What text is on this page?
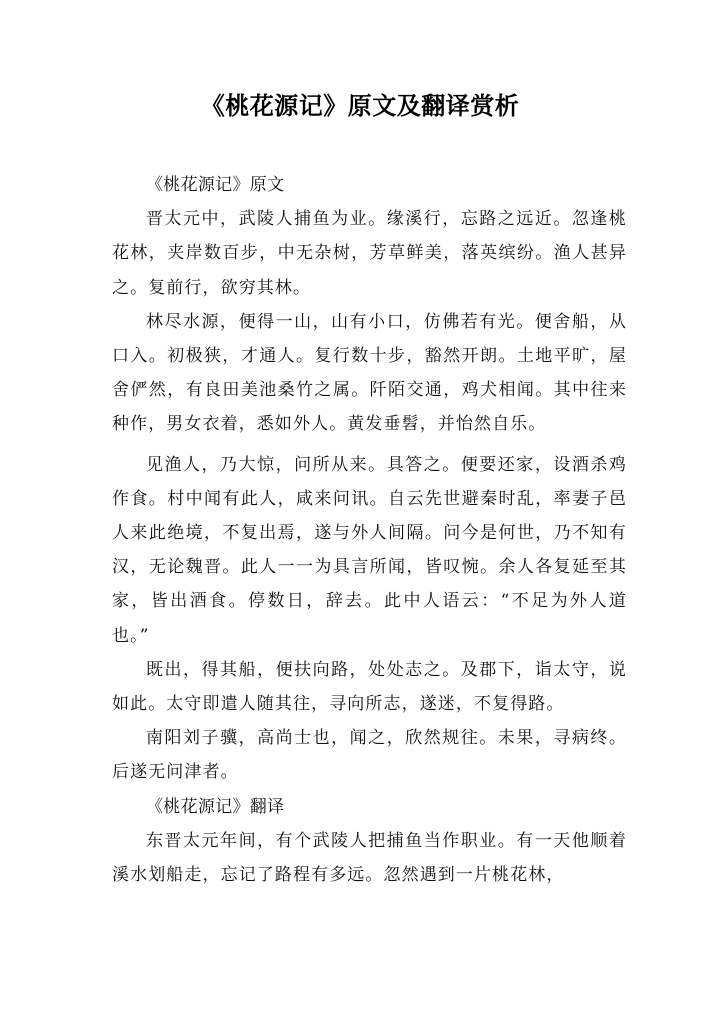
《桃花源记》原文及翻译赏析

《桃花源记》原文

晋太元中，武陵人捕鱼为业。缘溪行，忘路之远近。忽逢桃花林，夹岸数百步，中无杂树，芳草鲜美，落英缤纷。渔人甚异之。复前行，欲穷其林。

林尽水源，便得一山，山有小口，仿佛若有光。便舍船，从口入。初极狭，才通人。复行数十步，豁然开朗。土地平旷，屋舍俨然，有良田美池桑竹之属。阡陌交通，鸡犬相闻。其中往来种作，男女衣着，悉如外人。黄发垂髫，并怡然自乐。

见渔人，乃大惊，问所从来。具答之。便要还家，设酒杀鸡作食。村中闻有此人，咸来问讯。自云先世避秦时乱，率妻子邑人来此绝境，不复出焉，遂与外人间隔。问今是何世，乃不知有汉，无论魏晋。此人一一为具言所闻，皆叹惋。余人各复延至其家，皆出酒食。停数日，辞去。此中人语云：“不足为外人道也。”

既出，得其船，便扶向路，处处志之。及郡下，诣太守，说如此。太守即遣人随其往，寻向所志，遂迷，不复得路。

南阳刘子骥，高尚士也，闻之，欣然规往。未果，寻病终。后遂无问津者。

《桃花源记》翻译

东晋太元年间，有个武陵人把捕鱼当作职业。有一天他顺着溪水划船走，忘记了路程有多远。忽然遇到一片桃花林，
